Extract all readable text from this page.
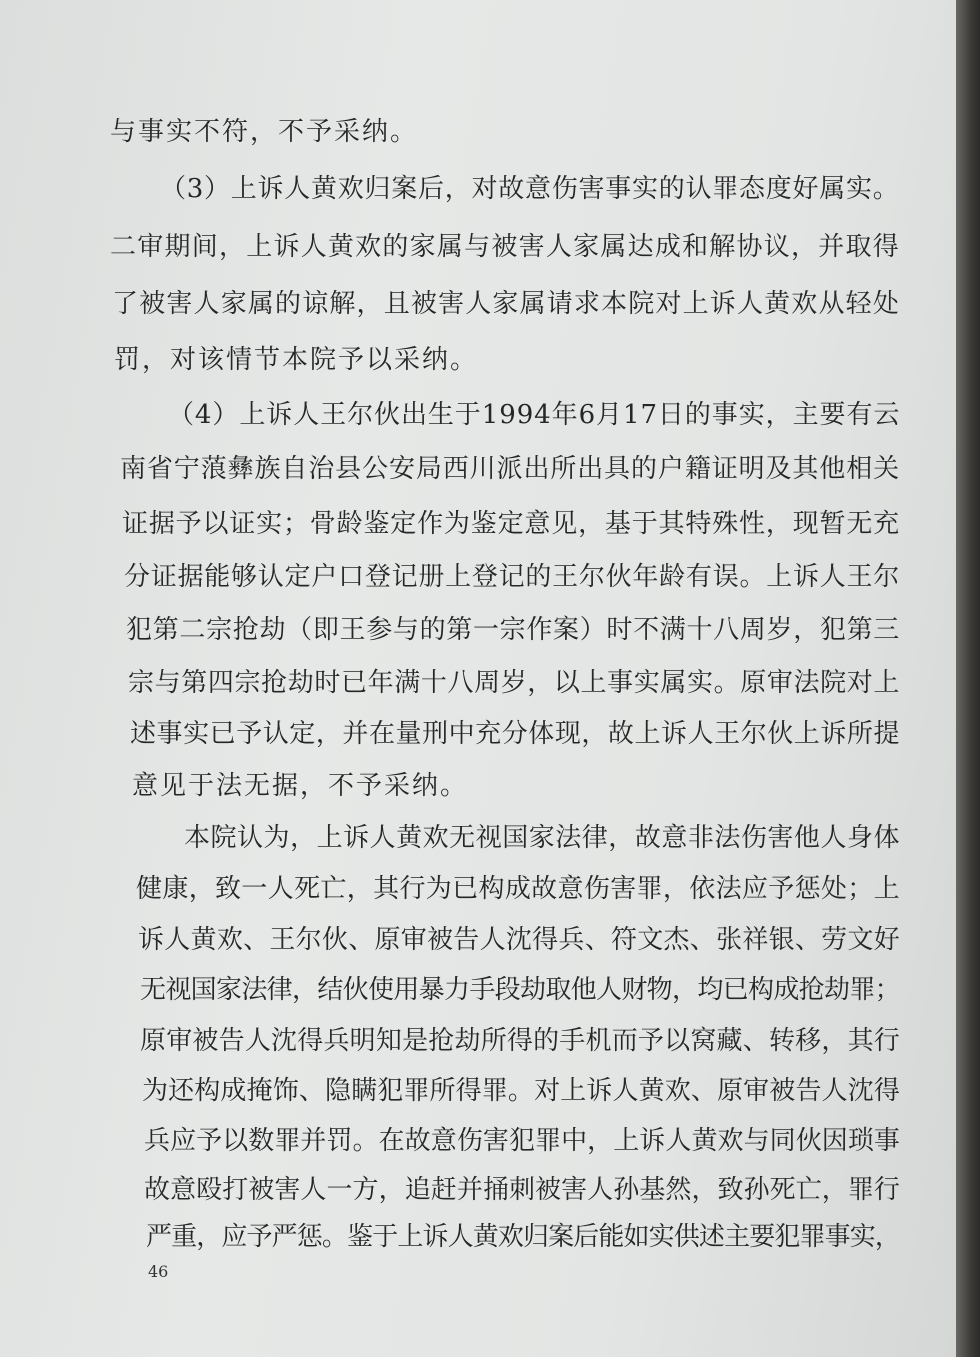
与事实不符，不予采纳。
（3）上诉人黄欢归案后，对故意伤害事实的认罪态度好属实。
二审期间，上诉人黄欢的家属与被害人家属达成和解协议，并取得
了被害人家属的谅解，且被害人家属请求本院对上诉人黄欢从轻处
罚，对该情节本院予以采纳。
（4）上诉人王尔伙出生于1994年6月17日的事实，主要有云
南省宁蒗彝族自治县公安局西川派出所出具的户籍证明及其他相关
证据予以证实；骨龄鉴定作为鉴定意见，基于其特殊性，现暂无充
分证据能够认定户口登记册上登记的王尔伙年龄有误。上诉人王尔
犯第二宗抢劫（即王参与的第一宗作案）时不满十八周岁，犯第三
宗与第四宗抢劫时已年满十八周岁，以上事实属实。原审法院对上
述事实已予认定，并在量刑中充分体现，故上诉人王尔伙上诉所提
意见于法无据，不予采纳。
本院认为，上诉人黄欢无视国家法律，故意非法伤害他人身体
健康，致一人死亡，其行为已构成故意伤害罪，依法应予惩处；上
诉人黄欢、王尔伙、原审被告人沈得兵、符文杰、张祥银、劳文好
无视国家法律，结伙使用暴力手段劫取他人财物，均已构成抢劫罪；
原审被告人沈得兵明知是抢劫所得的手机而予以窝藏、转移，其行
为还构成掩饰、隐瞒犯罪所得罪。对上诉人黄欢、原审被告人沈得
兵应予以数罪并罚。在故意伤害犯罪中，上诉人黄欢与同伙因琐事
故意殴打被害人一方，追赶并捅刺被害人孙基然，致孙死亡，罪行
严重，应予严惩。鉴于上诉人黄欢归案后能如实供述主要犯罪事实，
46
